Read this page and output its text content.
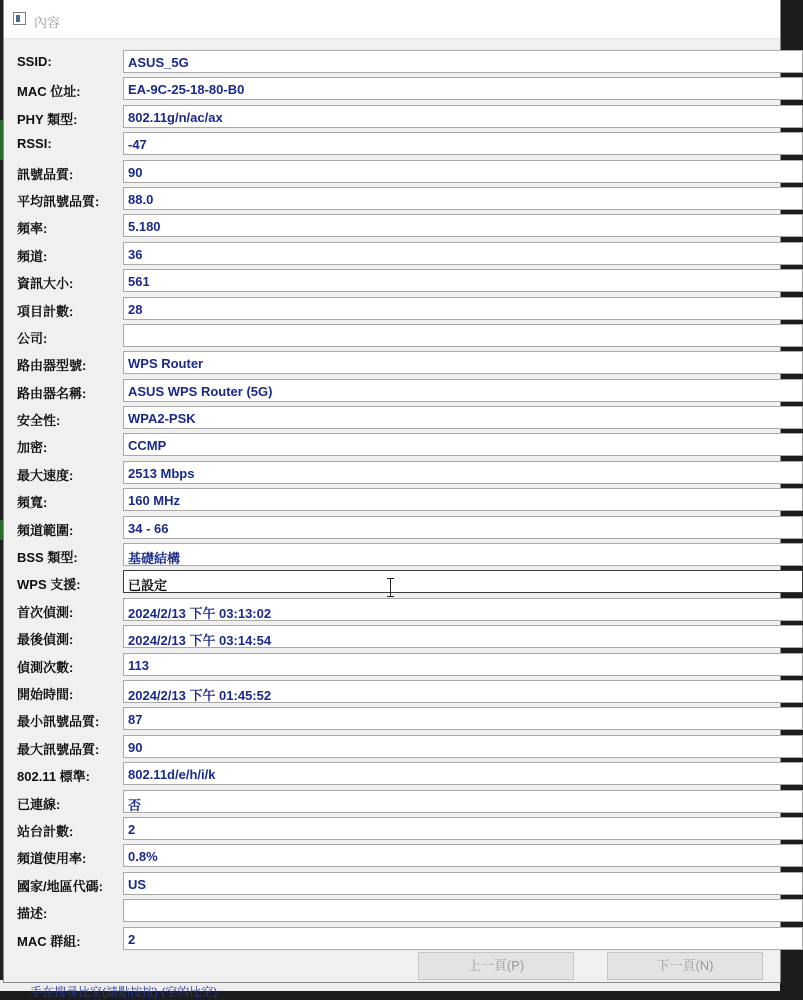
手在搜尋比空(請點按按) (空的比空)
內容
SSID:	ASUS_5G
MAC 位址:	EA-9C-25-18-80-B0
PHY 類型:	802.11g/n/ac/ax
RSSI:	-47
訊號品質:	90
平均訊號品質:	88.0
頻率:	5.180
頻道:	36
資訊大小:	561
項目計數:	28
公司:
路由器型號:	WPS Router
路由器名稱:	ASUS WPS Router (5G)
安全性:	WPA2-PSK
加密:	CCMP
最大速度:	2513 Mbps
頻寬:	160 MHz
頻道範圍:	34 - 66
BSS 類型:	基礎結構
WPS 支援:	已設定
首次偵測:	2024/2/13 下午 03:13:02
最後偵測:	2024/2/13 下午 03:14:54
偵測次數:	113
開始時間:	2024/2/13 下午 01:45:52
最小訊號品質:	87
最大訊號品質:	90
802.11 標準:	802.11d/e/h/i/k
已連線:	否
站台計數:	2
頻道使用率:	0.8%
國家/地區代碼:	US
描述:
MAC 群組:	2
上一頁(P)	下一頁(N)
